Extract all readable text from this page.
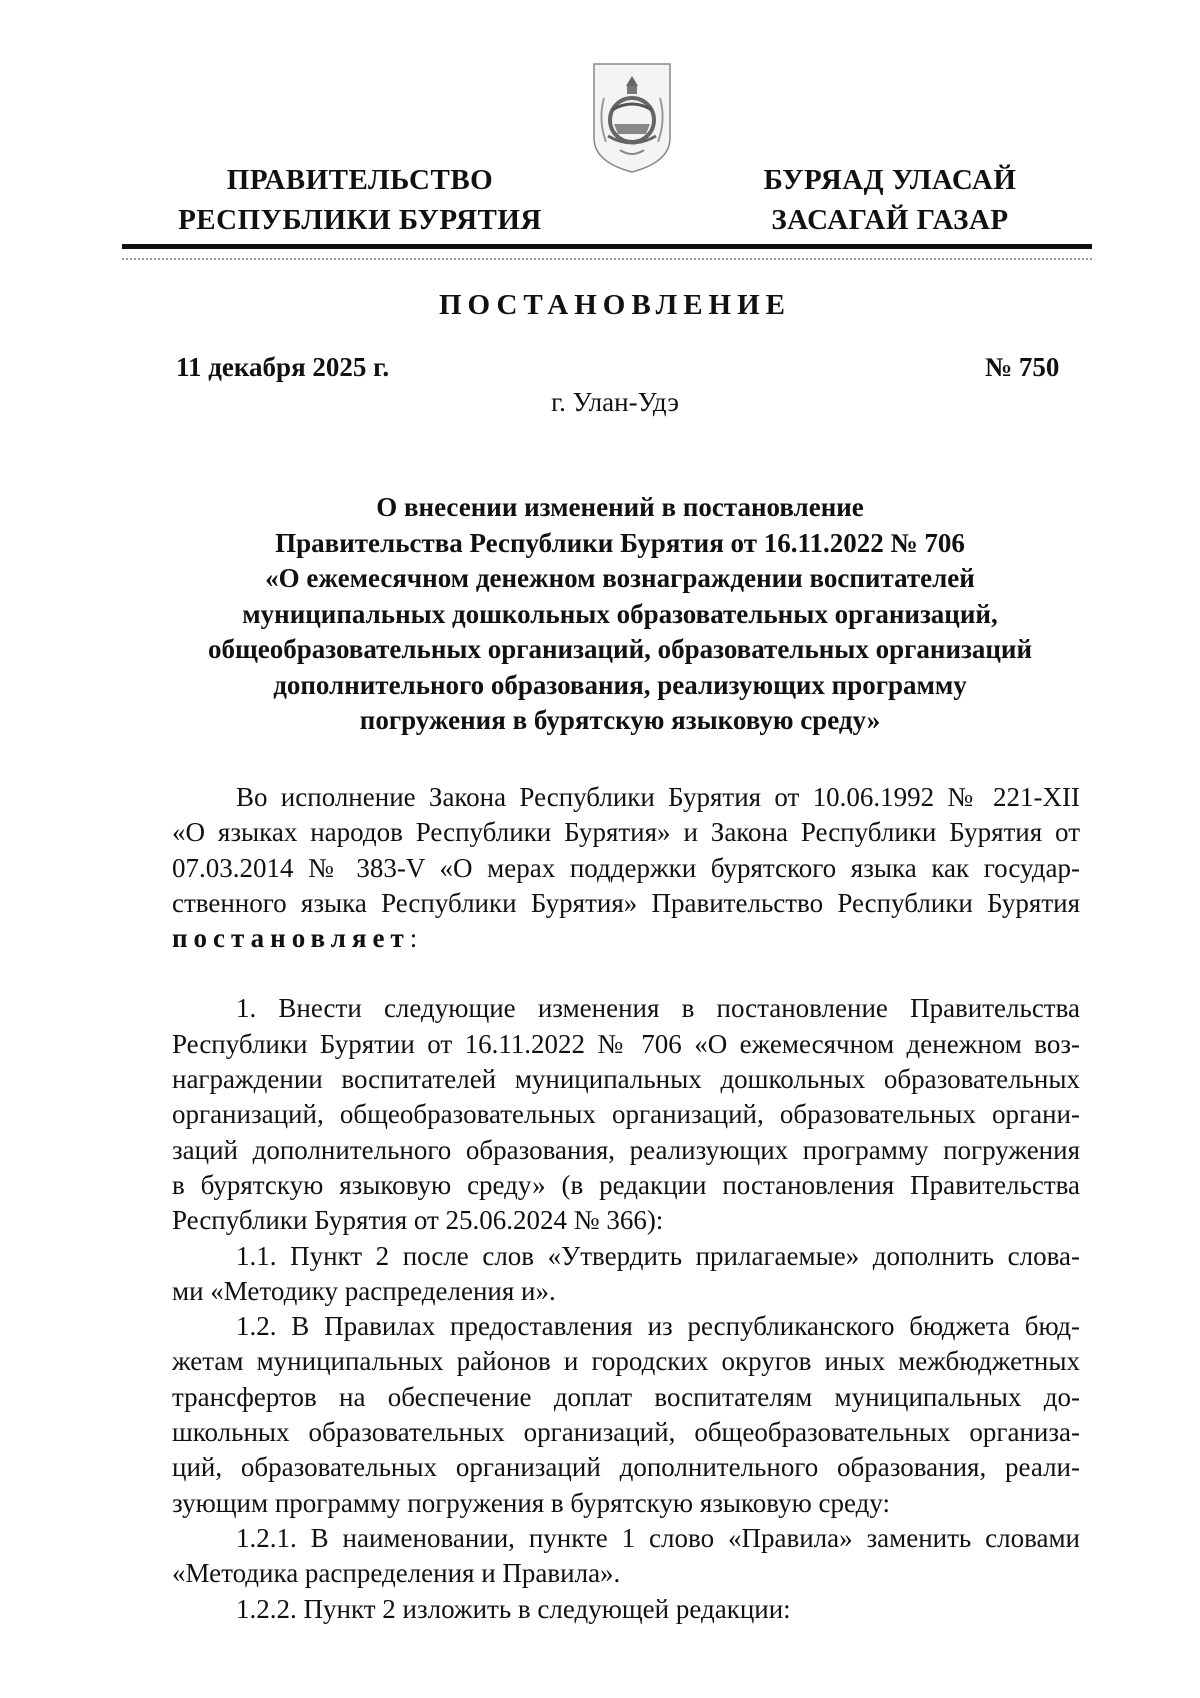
ПРАВИТЕЛЬСТВО
РЕСПУБЛИКИ БУРЯТИЯ
БУРЯАД УЛАСАЙ
ЗАСАГАЙ ГАЗАР
ПОСТАНОВЛЕНИЕ
11 декабря 2025 г.	№ 750
г. Улан-Удэ
О внесении изменений в постановление
Правительства Республики Бурятия от 16.11.2022 № 706
«О ежемесячном денежном вознаграждении воспитателей
муниципальных дошкольных образовательных организаций,
общеобразовательных организаций, образовательных организаций
дополнительного образования, реализующих программу
погружения в бурятскую языковую среду»
Во исполнение Закона Республики Бурятия от 10.06.1992 № 221-XII
«О языках народов Республики Бурятия» и Закона Республики Бурятия от
07.03.2014 № 383-V «О мерах поддержки бурятского языка как государ-
ственного языка Республики Бурятия» Правительство Республики Бурятия
постановляет:
1. Внести следующие изменения в постановление Правительства
Республики Бурятии от 16.11.2022 № 706 «О ежемесячном денежном воз-
награждении воспитателей муниципальных дошкольных образовательных
организаций, общеобразовательных организаций, образовательных органи-
заций дополнительного образования, реализующих программу погружения
в бурятскую языковую среду» (в редакции постановления Правительства
Республики Бурятия от 25.06.2024 № 366):
1.1. Пункт 2 после слов «Утвердить прилагаемые» дополнить слова-
ми «Методику распределения и».
1.2. В Правилах предоставления из республиканского бюджета бюд-
жетам муниципальных районов и городских округов иных межбюджетных
трансфертов на обеспечение доплат воспитателям муниципальных до-
школьных образовательных организаций, общеобразовательных организа-
ций, образовательных организаций дополнительного образования, реали-
зующим программу погружения в бурятскую языковую среду:
1.2.1. В наименовании, пункте 1 слово «Правила» заменить словами
«Методика распределения и Правила».
1.2.2. Пункт 2 изложить в следующей редакции:
